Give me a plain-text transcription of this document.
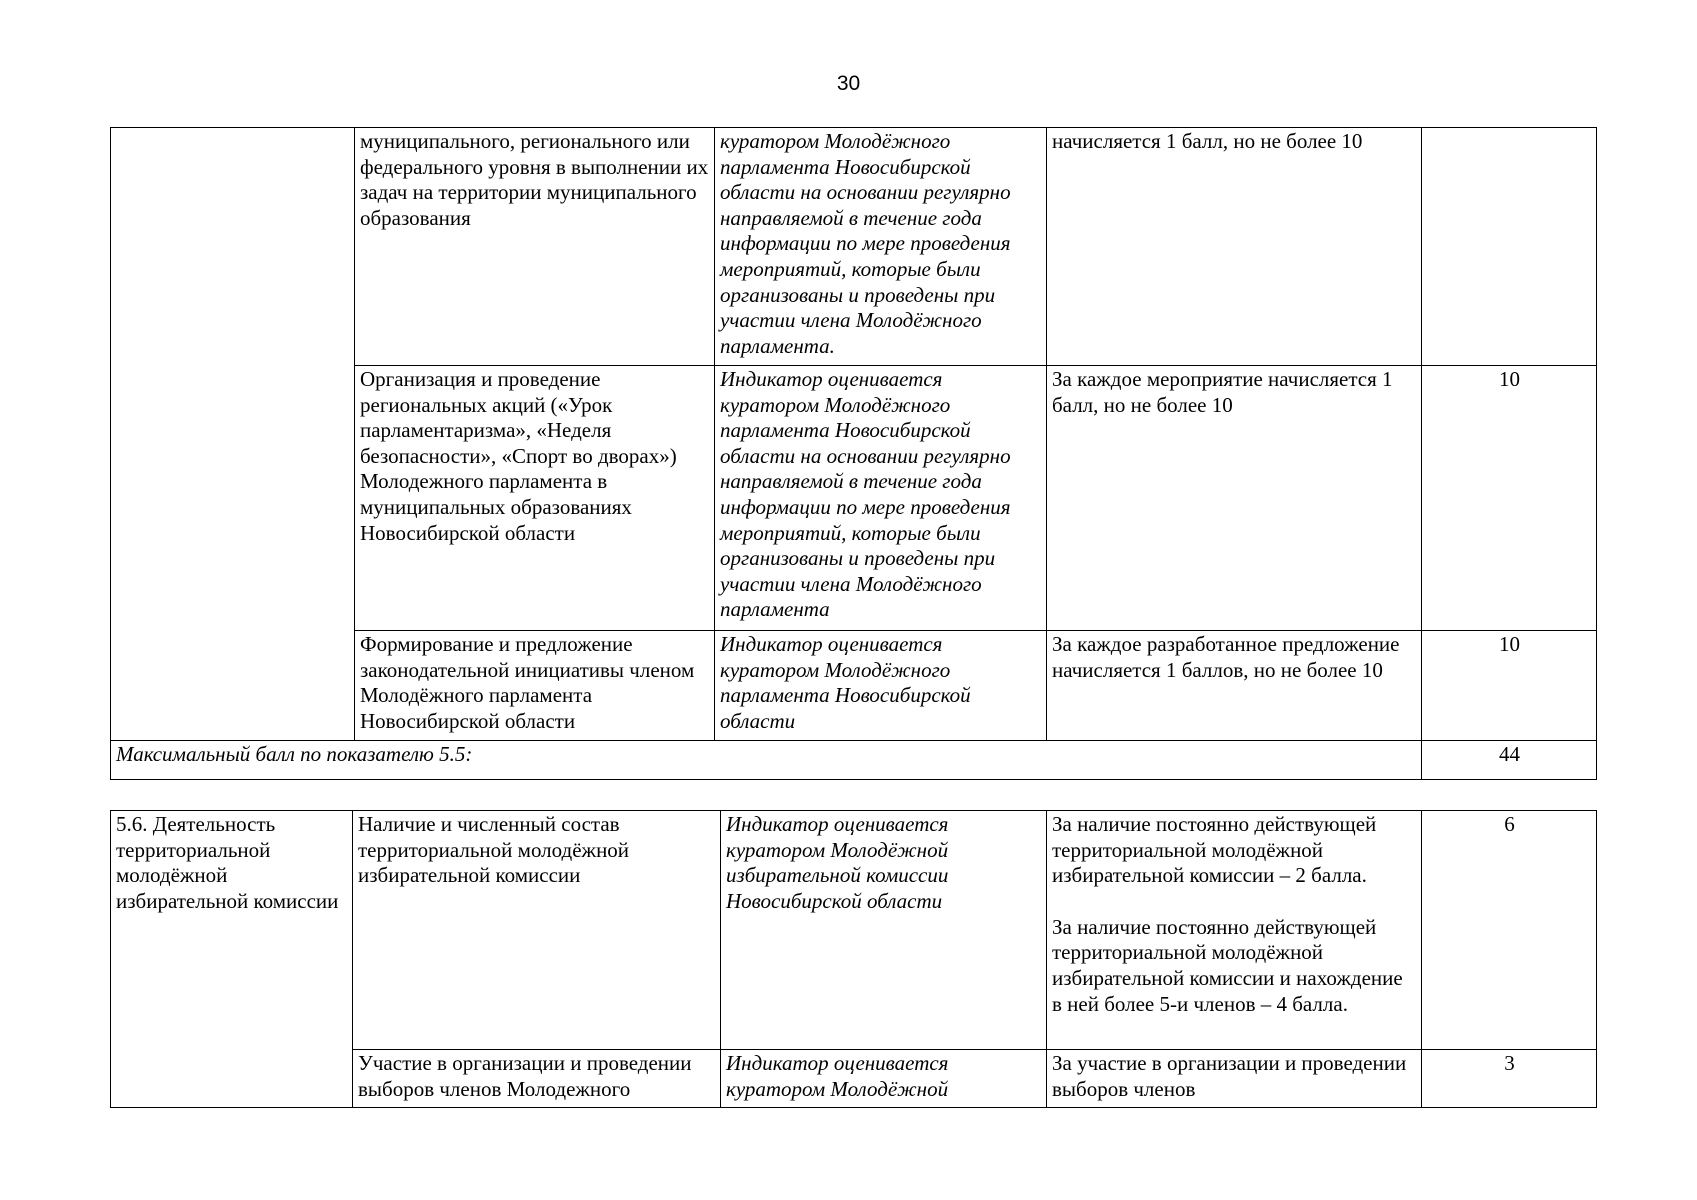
30
	муниципального, регионального или федерального уровня в выполнении их задач на территории муниципального образования	куратором Молодёжного парламента Новосибирской области на основании регулярно направляемой в течение года информации по мере проведения мероприятий, которые были организованы и проведены при участии члена Молодёжного парламента.	начисляется 1 балл, но не более 10	
	Организация и проведение региональных акций («Урок парламентаризма», «Неделя безопасности», «Спорт во дворах») Молодежного парламента в муниципальных образованиях Новосибирской области	Индикатор оценивается куратором Молодёжного парламента Новосибирской области на основании регулярно направляемой в течение года информации по мере проведения мероприятий, которые были организованы и проведены при участии члена Молодёжного парламента	За каждое мероприятие начисляется 1 балл, но не более 10	10
	Формирование и предложение законодательной инициативы членом Молодёжного парламента Новосибирской области	Индикатор оценивается куратором Молодёжного парламента Новосибирской области	За каждое разработанное предложение начисляется 1 баллов, но не более 10	10
Максимальный балл по показателю 5.5:				44
5.6. Деятельность территориальной молодёжной избирательной комиссии	Наличие и численный состав территориальной молодёжной избирательной комиссии	Индикатор оценивается куратором Молодёжной избирательной комиссии Новосибирской области	За наличие постоянно действующей территориальной молодёжной избирательной комиссии – 2 балла.
За наличие постоянно действующей территориальной молодёжной избирательной комиссии и нахождение в ней более 5-и членов – 4 балла.	6
	Участие в организации и проведении выборов членов Молодежного	Индикатор оценивается куратором Молодёжной	За участие в организации и проведении выборов членов	3
